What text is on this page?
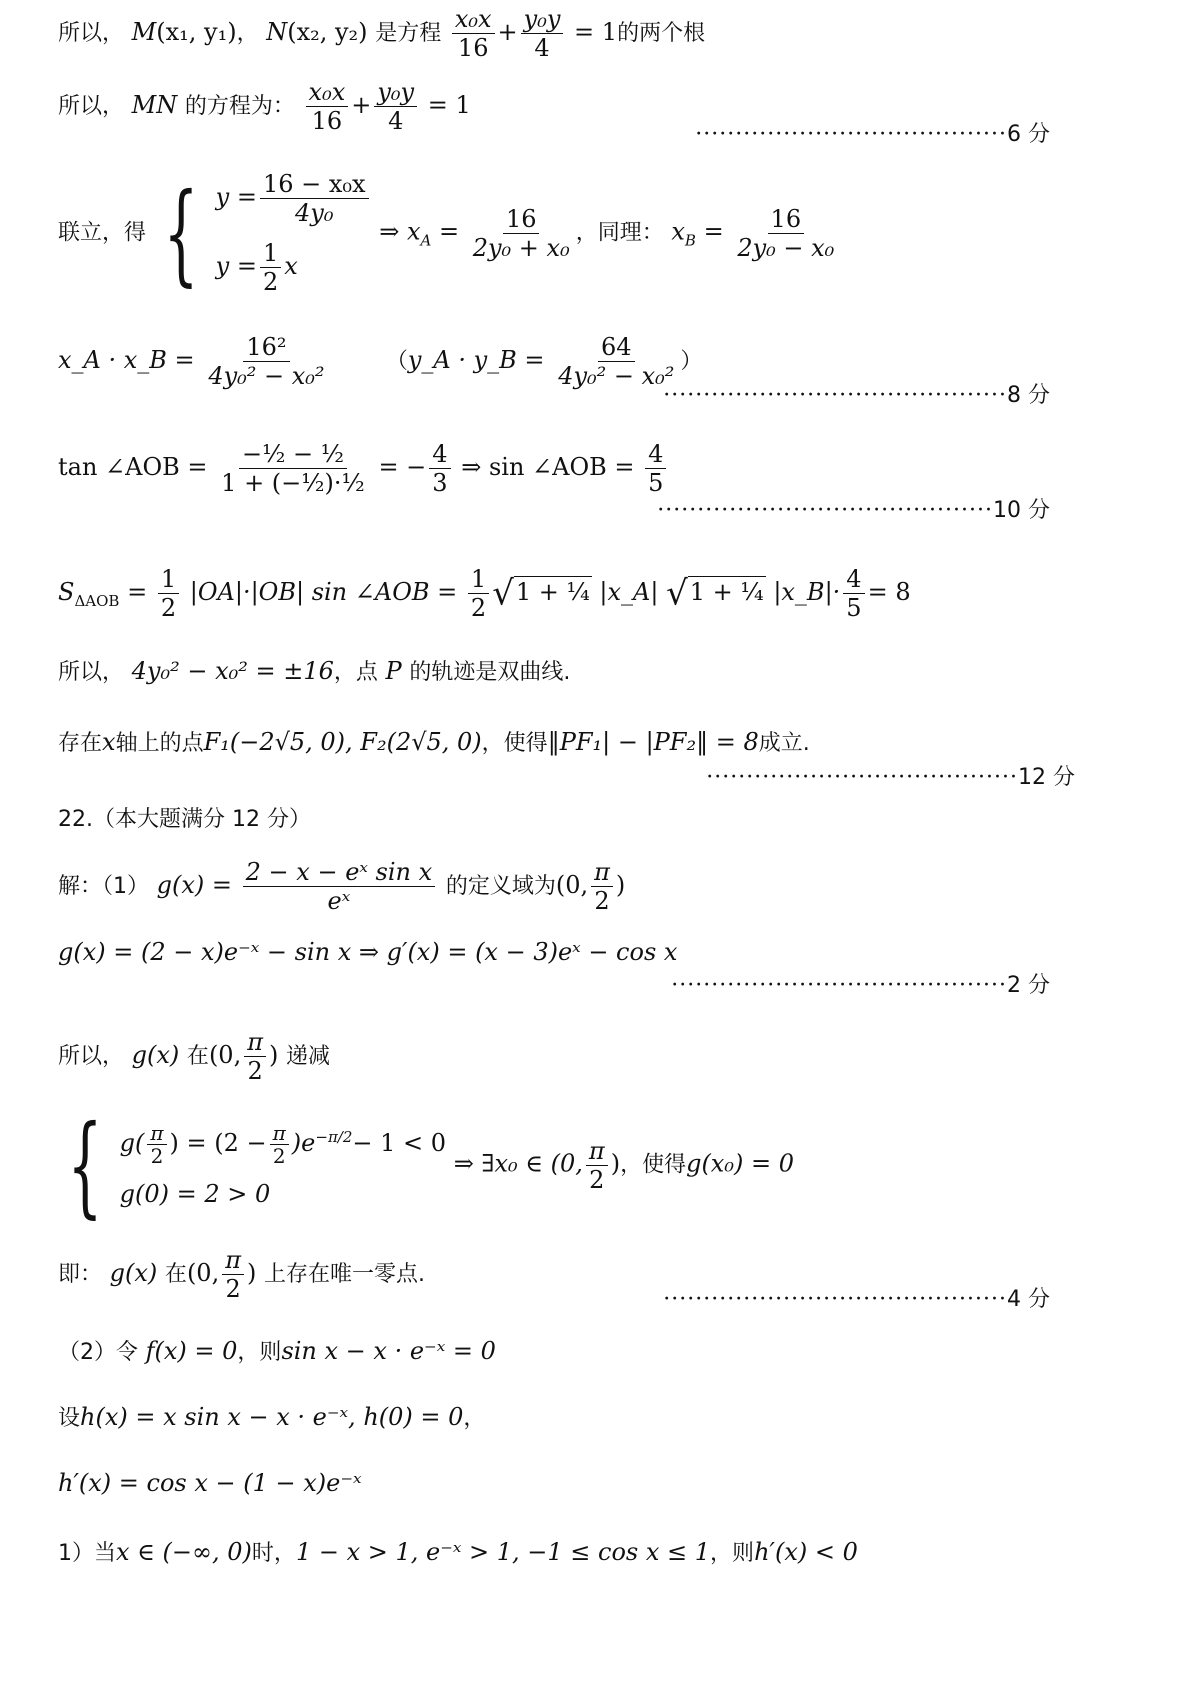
所以， M(x₁, y₁)， N(x₂, y₂) 是方程 $\frac{\text{x₀x}}{16} + \frac{\text{y₀y}}{4} = 1$的两个根
所以， MN 的方程为： $\frac{\text{x₀x}}{16} + \frac{\text{y₀y}}{4} = 1$
·······································6 分
联立，得 { $y = \frac{\text{16 − x₀x}}{\text{4y₀}}$
$y = \frac{1}{2}$ x
⇒ $x_A = \frac{16}{\text{2y₀ + x₀}}$ ，同理： $x_B = \frac{16}{\text{2y₀ − x₀}}$
x_A · x_B = $\frac{\text{16²}}{\text{4y₀² − x₀²}}$	（y_A · y_B = $\frac{64}{\text{4y₀² − x₀²}}$ ）
···········································8 分
tan ∠AOB = $\frac{\text{−½ − ½}}{\text{1 + (−½)·½}}$ = − $\frac{4}{3}$ ⇒ sin ∠AOB = $\frac{4}{5}$
··········································10 分
$S_{\Delta AOB} = \frac{1}{2} |OA|\cdot|OB|$ sin ∠AOB = $\frac{1}{2} √1$ + ¼ |x_A| √1 + ¼ |x_B|· $\frac{4}{5} = 8$
所以， 4y₀² − x₀² = ±16，点 P 的轨迹是双曲线.
存在x轴上的点F₁(−2√5, 0), F₂(2√5, 0)，使得‖PF₁| − |PF₂‖ = 8成立.
·······································12 分
22.（本大题满分 12 分）
解：（1） $g(x) = \frac{\text{2 − x − eˣ sin x}}{\text{eˣ}}$ 的定义域为(0, $\frac{\pi}{2}$ )
g(x) = (2 − x)e⁻ˣ − sin x ⇒ g′(x) = (x − 3)eˣ − cos x
··········································2 分
所以， g(x) 在(0, $\frac{\pi}{2}$ ) 递减
{ $g( \frac{\pi}{2}$ ) = $(2 - \frac{\pi}{2} )e^{-\pi/2}- 1 < 0$
g(0) = 2 > 0
⇒ ∃x₀ ∈ (0, $\frac{\pi}{2}$ )，使得g(x₀) = 0
即： g(x) 在(0, $\frac{\pi}{2}$ ) 上存在唯一零点.
···········································4 分
（2）令 f(x) = 0，则sin x − x · e⁻ˣ = 0
设h(x) = x sin x − x · e⁻ˣ, h(0) = 0，
h′(x) = cos x − (1 − x)e⁻ˣ
1）当x ∈ (−∞, 0)时，1 − x > 1, e⁻ˣ > 1, −1 ≤ cos x ≤ 1，则h′(x) < 0
